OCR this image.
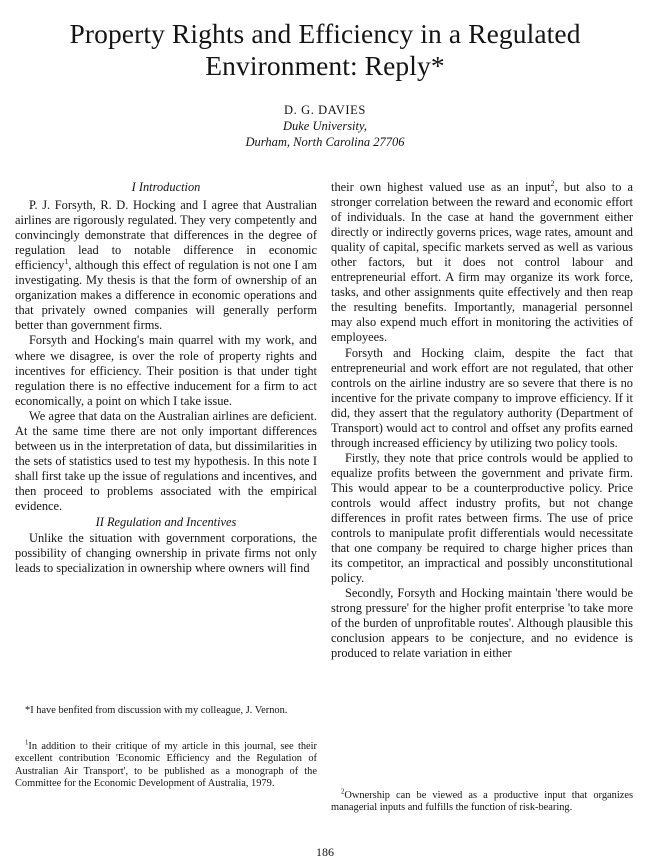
Property Rights and Efficiency in a Regulated
Environment: Reply*
D. G. DAVIES
Duke University,
Durham, North Carolina 27706
I Introduction

P. J. Forsyth, R. D. Hocking and I agree that Australian airlines are rigorously regulated. They very competently and convincingly demonstrate that differences in the degree of regulation lead to notable difference in economic efficiency$^1$, although this effect of regulation is not one I am investigating. My thesis is that the form of ownership of an organization makes a difference in economic operations and that privately owned companies will generally perform better than government firms.

Forsyth and Hocking's main quarrel with my work, and where we disagree, is over the role of property rights and incentives for efficiency. Their position is that under tight regulation there is no effective inducement for a firm to act economically, a point on which I take issue.

We agree that data on the Australian airlines are deficient. At the same time there are not only important differences between us in the interpretation of data, but dissimilarities in the sets of statistics used to test my hypothesis. In this note I shall first take up the issue of regulations and incentives, and then proceed to problems associated with the empirical evidence.

II Regulation and Incentives

Unlike the situation with government corporations, the possibility of changing ownership in private firms not only leads to specialization in ownership where owners will find

their own highest valued use as an input$^2$, but also to a stronger correlation between the reward and economic effort of individuals. In the case at hand the government either directly or indirectly governs prices, wage rates, amount and quality of capital, specific markets served as well as various other factors, but it does not control labour and entrepreneurial effort. A firm may organize its work force, tasks, and other assignments quite effectively and then reap the resulting benefits. Importantly, managerial personnel may also expend much effort in monitoring the activities of employees.

Forsyth and Hocking claim, despite the fact that entrepreneurial and work effort are not regulated, that other controls on the airline industry are so severe that there is no incentive for the private company to improve efficiency. If it did, they assert that the regulatory authority (Department of Transport) would act to control and offset any profits earned through increased efficiency by utilizing two policy tools.

Firstly, they note that price controls would be applied to equalize profits between the government and private firm. This would appear to be a counterproductive policy. Price controls would affect industry profits, but not change differences in profit rates between firms. The use of price controls to manipulate profit differentials would necessitate that one company be required to charge higher prices than its competitor, an impractical and possibly unconstitutional policy.

Secondly, Forsyth and Hocking maintain 'there would be strong pressure' for the higher profit enterprise 'to take more of the burden of unprofitable routes'. Although plausible this conclusion appears to be conjecture, and no evidence is produced to relate variation in either

*I have benfited from discussion with my colleague, J. Vernon.

$^1$In addition to their critique of my article in this journal, see their excellent contribution 'Economic Efficiency and the Regulation of Australian Air Transport', to be published as a monograph of the Committee for the Economic Development of Australia, 1979.

$^2$Ownership can be viewed as a productive input that organizes managerial inputs and fulfills the function of risk-bearing.

186
